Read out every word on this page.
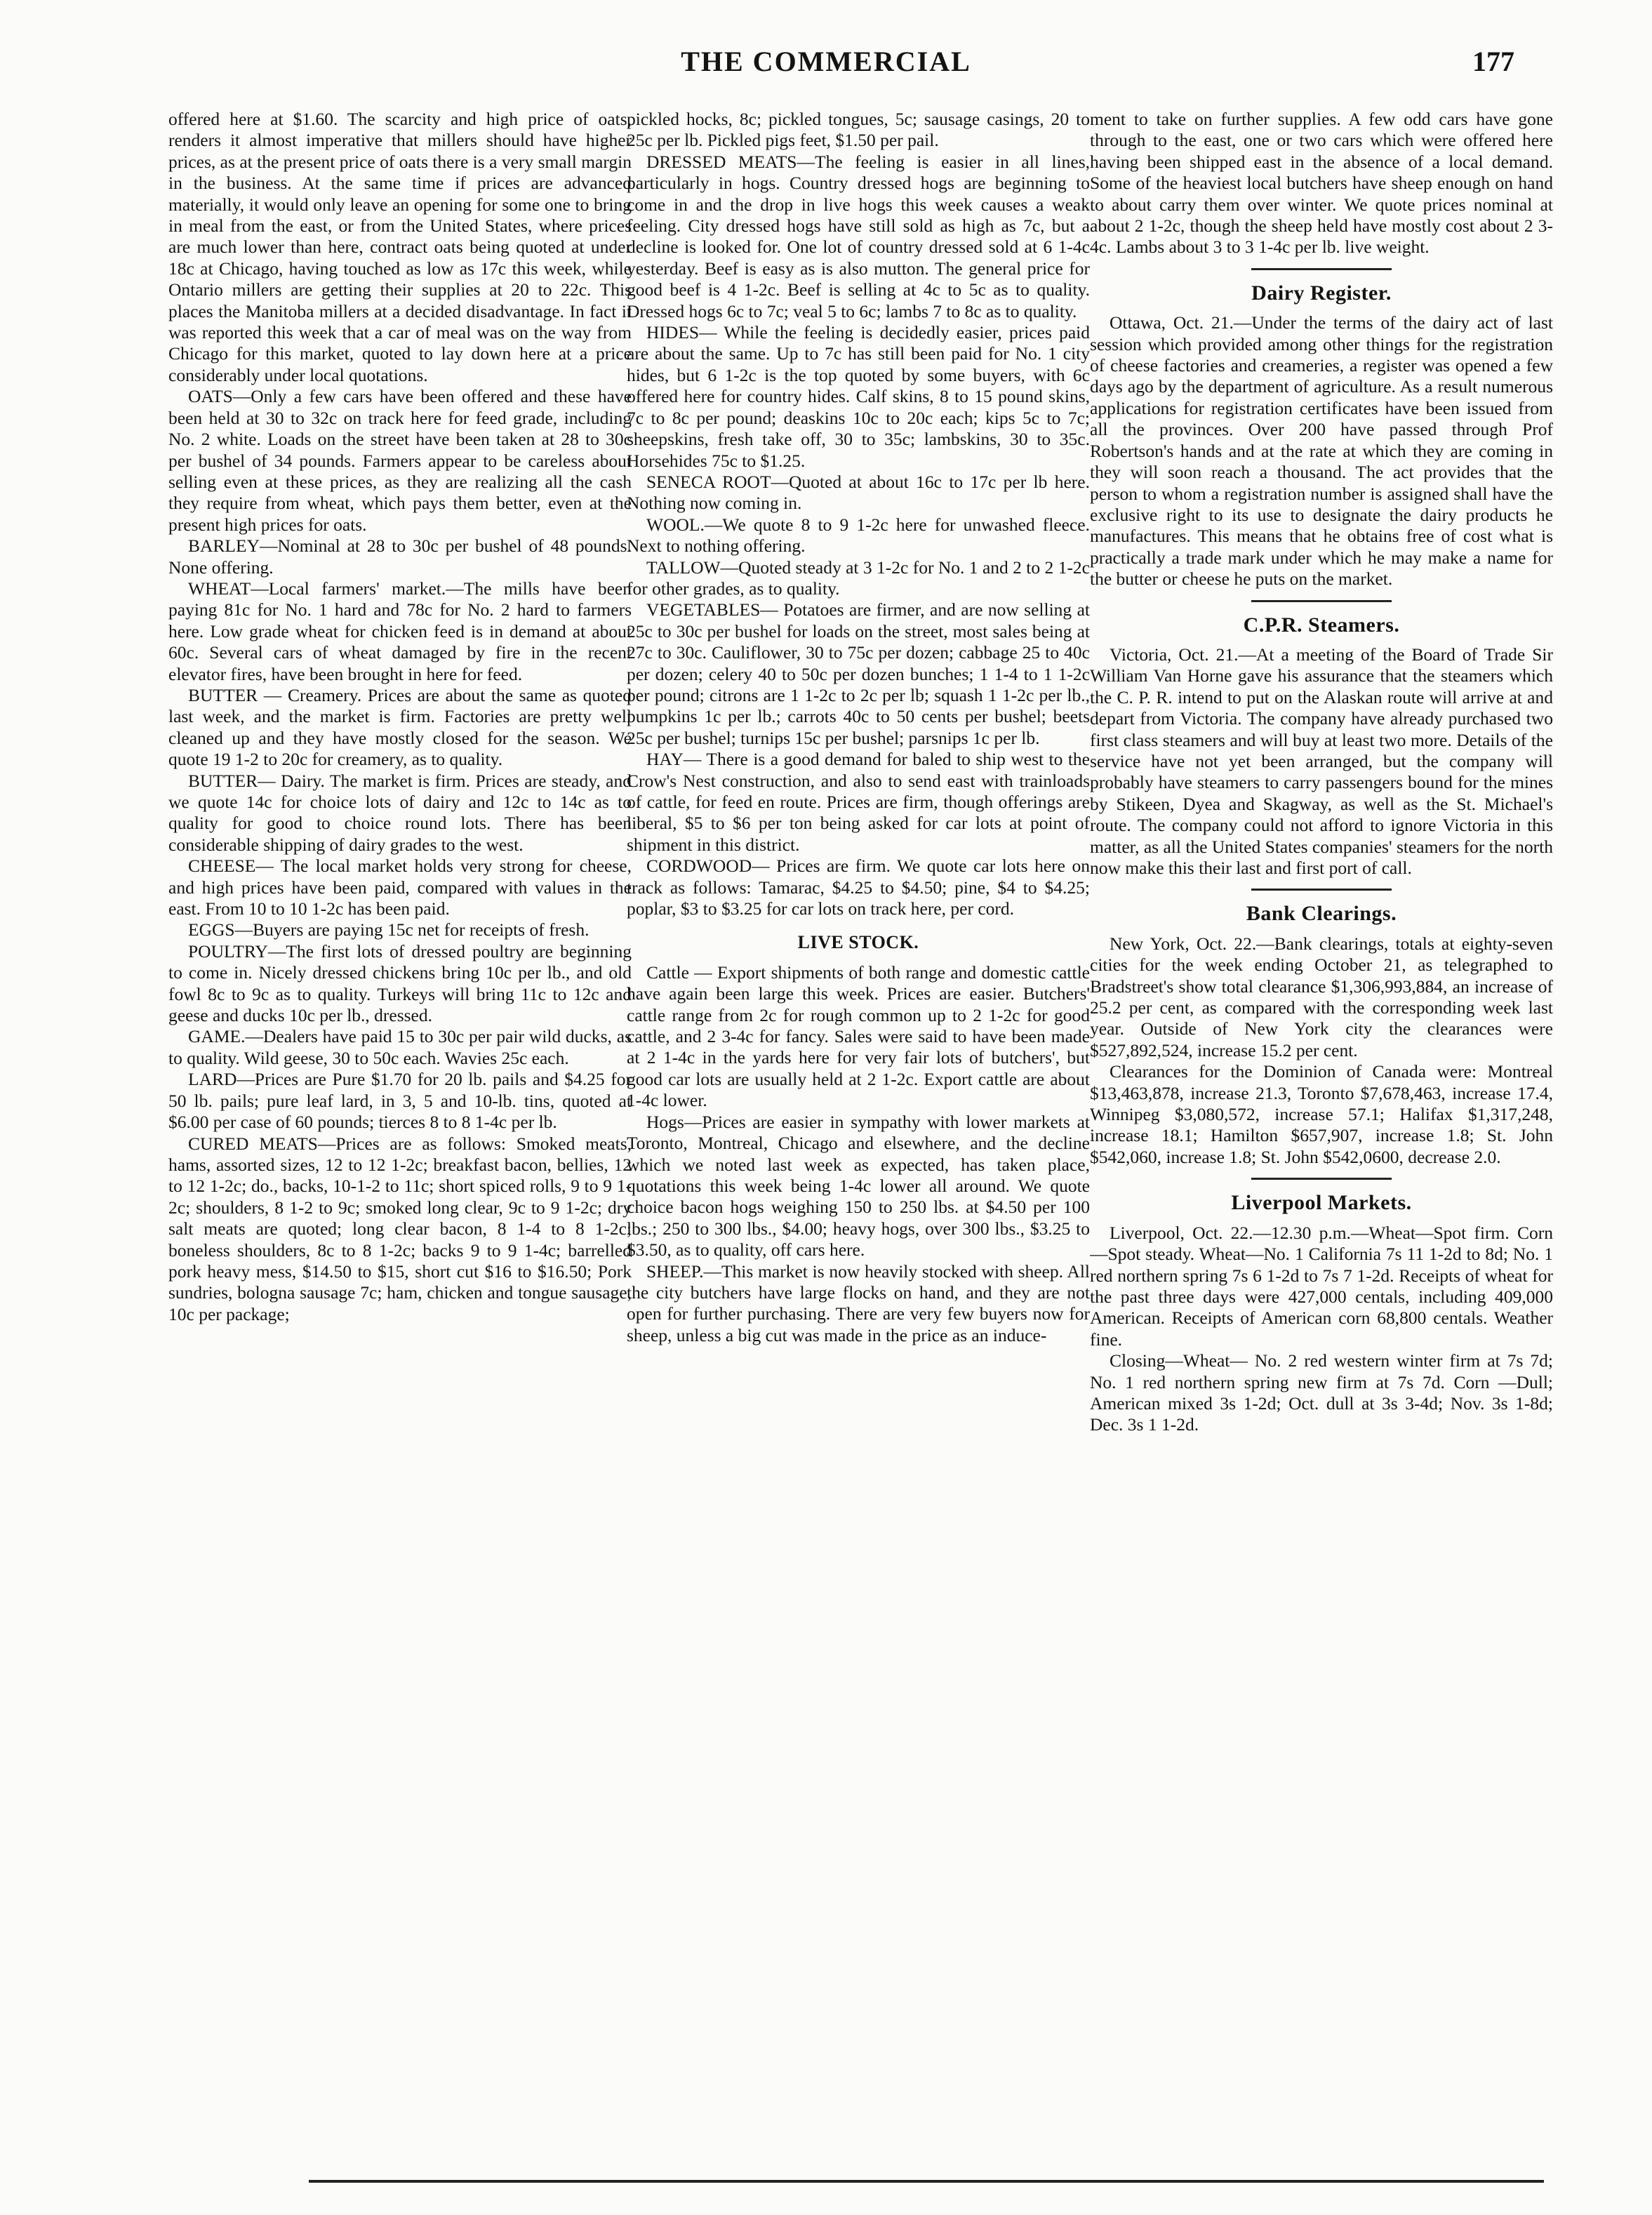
THE COMMERCIAL	177

offered here at $1.60. The scarcity and high price of oats, renders it almost imperative that millers should have higher prices, as at the present price of oats there is a very small margin in the business. At the same time if prices are advanced materially, it would only leave an opening for some one to bring in meal from the east, or from the United States, where prices are much lower than here, contract oats being quoted at under 18c at Chicago, having touched as low as 17c this week, while Ontario millers are getting their supplies at 20 to 22c. This places the Manitoba millers at a decided disadvantage. In fact it was reported this week that a car of meal was on the way from Chicago for this market, quoted to lay down here at a price considerably under local quotations.

OATS—Only a few cars have been offered and these have been held at 30 to 32c on track here for feed grade, including No. 2 white. Loads on the street have been taken at 28 to 30c per bushel of 34 pounds. Farmers appear to be careless about selling even at these prices, as they are realizing all the cash they require from wheat, which pays them better, even at the present high prices for oats.

BARLEY—Nominal at 28 to 30c per bushel of 48 pounds. None offering.

WHEAT—Local farmers' market.—The mills have been paying 81c for No. 1 hard and 78c for No. 2 hard to farmers here. Low grade wheat for chicken feed is in demand at about 60c. Several cars of wheat damaged by fire in the recent elevator fires, have been brought in here for feed.

BUTTER — Creamery. Prices are about the same as quoted last week, and the market is firm. Factories are pretty well cleaned up and they have mostly closed for the season. We quote 19 1-2 to 20c for creamery, as to quality.

BUTTER— Dairy. The market is firm. Prices are steady, and we quote 14c for choice lots of dairy and 12c to 14c as to quality for good to choice round lots. There has been considerable shipping of dairy grades to the west.

CHEESE— The local market holds very strong for cheese, and high prices have been paid, compared with values in the east. From 10 to 10 1-2c has been paid.

EGGS—Buyers are paying 15c net for receipts of fresh.

POULTRY—The first lots of dressed poultry are beginning to come in. Nicely dressed chickens bring 10c per lb., and old fowl 8c to 9c as to quality. Turkeys will bring 11c to 12c and geese and ducks 10c per lb., dressed.

GAME.—Dealers have paid 15 to 30c per pair wild ducks, as to quality. Wild geese, 30 to 50c each. Wavies 25c each.

LARD—Prices are Pure $1.70 for 20 lb. pails and $4.25 for 50 lb. pails; pure leaf lard, in 3, 5 and 10-lb. tins, quoted at $6.00 per case of 60 pounds; tierces 8 to 8 1-4c per lb.

CURED MEATS—Prices are as follows: Smoked meats, hams, assorted sizes, 12 to 12 1-2c; breakfast bacon, bellies, 12 to 12 1-2c; do., backs, 10-1-2 to 11c; short spiced rolls, 9 to 9 1-2c; shoulders, 8 1-2 to 9c; smoked long clear, 9c to 9 1-2c; dry salt meats are quoted; long clear bacon, 8 1-4 to 8 1-2c; boneless shoulders, 8c to 8 1-2c; backs 9 to 9 1-4c; barrelled pork heavy mess, $14.50 to $15, short cut $16 to $16.50; Pork sundries, bologna sausage 7c; ham, chicken and tongue sausage, 10c per package;

pickled hocks, 8c; pickled tongues, 5c; sausage casings, 20 to 25c per lb. Pickled pigs feet, $1.50 per pail.

DRESSED MEATS—The feeling is easier in all lines, particularly in hogs. Country dressed hogs are beginning to come in and the drop in live hogs this week causes a weak feeling. City dressed hogs have still sold as high as 7c, but a decline is looked for. One lot of country dressed sold at 6 1-4c yesterday. Beef is easy as is also mutton. The general price for good beef is 4 1-2c. Beef is selling at 4c to 5c as to quality. Dressed hogs 6c to 7c; veal 5 to 6c; lambs 7 to 8c as to quality.

HIDES— While the feeling is decidedly easier, prices paid are about the same. Up to 7c has still been paid for No. 1 city hides, but 6 1-2c is the top quoted by some buyers, with 6c offered here for country hides. Calf skins, 8 to 15 pound skins, 7c to 8c per pound; deaskins 10c to 20c each; kips 5c to 7c; sheepskins, fresh take off, 30 to 35c; lambskins, 30 to 35c. Horsehides 75c to $1.25.

SENECA ROOT—Quoted at about 16c to 17c per lb here. Nothing now coming in.

WOOL.—We quote 8 to 9 1-2c here for unwashed fleece. Next to nothing offering.

TALLOW—Quoted steady at 3 1-2c for No. 1 and 2 to 2 1-2c for other grades, as to quality.

VEGETABLES— Potatoes are firmer, and are now selling at 25c to 30c per bushel for loads on the street, most sales being at 27c to 30c. Cauliflower, 30 to 75c per dozen; cabbage 25 to 40c per dozen; celery 40 to 50c per dozen bunches; 1 1-4 to 1 1-2c per pound; citrons are 1 1-2c to 2c per lb; squash 1 1-2c per lb., pumpkins 1c per lb.; carrots 40c to 50 cents per bushel; beets 25c per bushel; turnips 15c per bushel; parsnips 1c per lb.

HAY— There is a good demand for baled to ship west to the Crow's Nest construction, and also to send east with trainloads of cattle, for feed en route. Prices are firm, though offerings are liberal, $5 to $6 per ton being asked for car lots at point of shipment in this district.

CORDWOOD— Prices are firm. We quote car lots here on track as follows: Tamarac, $4.25 to $4.50; pine, $4 to $4.25; poplar, $3 to $3.25 for car lots on track here, per cord.

LIVE STOCK.

Cattle — Export shipments of both range and domestic cattle have again been large this week. Prices are easier. Butchers' cattle range from 2c for rough common up to 2 1-2c for good cattle, and 2 3-4c for fancy. Sales were said to have been made at 2 1-4c in the yards here for very fair lots of butchers', but good car lots are usually held at 2 1-2c. Export cattle are about 1-4c lower.

Hogs—Prices are easier in sympathy with lower markets at Toronto, Montreal, Chicago and elsewhere, and the decline which we noted last week as expected, has taken place, quotations this week being 1-4c lower all around. We quote choice bacon hogs weighing 150 to 250 lbs. at $4.50 per 100 lbs.; 250 to 300 lbs., $4.00; heavy hogs, over 300 lbs., $3.25 to $3.50, as to quality, off cars here.

SHEEP.—This market is now heavily stocked with sheep. All the city butchers have large flocks on hand, and they are not open for further purchasing. There are very few buyers now for sheep, unless a big cut was made in the price as an induce-

ment to take on further supplies. A few odd cars have gone through to the east, one or two cars which were offered here having been shipped east in the absence of a local demand. Some of the heaviest local butchers have sheep enough on hand to about carry them over winter. We quote prices nominal at about 2 1-2c, though the sheep held have mostly cost about 2 3-4c. Lambs about 3 to 3 1-4c per lb. live weight.

Dairy Register.

Ottawa, Oct. 21.—Under the terms of the dairy act of last session which provided among other things for the registration of cheese factories and creameries, a register was opened a few days ago by the department of agriculture. As a result numerous applications for registration certificates have been issued from all the provinces. Over 200 have passed through Prof Robertson's hands and at the rate at which they are coming in they will soon reach a thousand. The act provides that the person to whom a registration number is assigned shall have the exclusive right to its use to designate the dairy products he manufactures. This means that he obtains free of cost what is practically a trade mark under which he may make a name for the butter or cheese he puts on the market.

C.P.R. Steamers.

Victoria, Oct. 21.—At a meeting of the Board of Trade Sir William Van Horne gave his assurance that the steamers which the C. P. R. intend to put on the Alaskan route will arrive at and depart from Victoria. The company have already purchased two first class steamers and will buy at least two more. Details of the service have not yet been arranged, but the company will probably have steamers to carry passengers bound for the mines by Stikeen, Dyea and Skagway, as well as the St. Michael's route. The company could not afford to ignore Victoria in this matter, as all the United States companies' steamers for the north now make this their last and first port of call.

Bank Clearings.

New York, Oct. 22.—Bank clearings, totals at eighty-seven cities for the week ending October 21, as telegraphed to Bradstreet's show total clearance $1,306,993,884, an increase of 25.2 per cent, as compared with the corresponding week last year. Outside of New York city the clearances were $527,892,524, increase 15.2 per cent.

Clearances for the Dominion of Canada were: Montreal $13,463,878, increase 21.3, Toronto $7,678,463, increase 17.4, Winnipeg $3,080,572, increase 57.1; Halifax $1,317,248, increase 18.1; Hamilton $657,907, increase 1.8; St. John $542,060, increase 1.8; St. John $542,0600, decrease 2.0.

Liverpool Markets.

Liverpool, Oct. 22.—12.30 p.m.—Wheat—Spot firm. Corn—Spot steady. Wheat—No. 1 California 7s 11 1-2d to 8d; No. 1 red northern spring 7s 6 1-2d to 7s 7 1-2d. Receipts of wheat for the past three days were 427,000 centals, including 409,000 American. Receipts of American corn 68,800 centals. Weather fine.

Closing—Wheat— No. 2 red western winter firm at 7s 7d; No. 1 red northern spring new firm at 7s 7d. Corn —Dull; American mixed 3s 1-2d; Oct. dull at 3s 3-4d; Nov. 3s 1-8d; Dec. 3s 1 1-2d.
